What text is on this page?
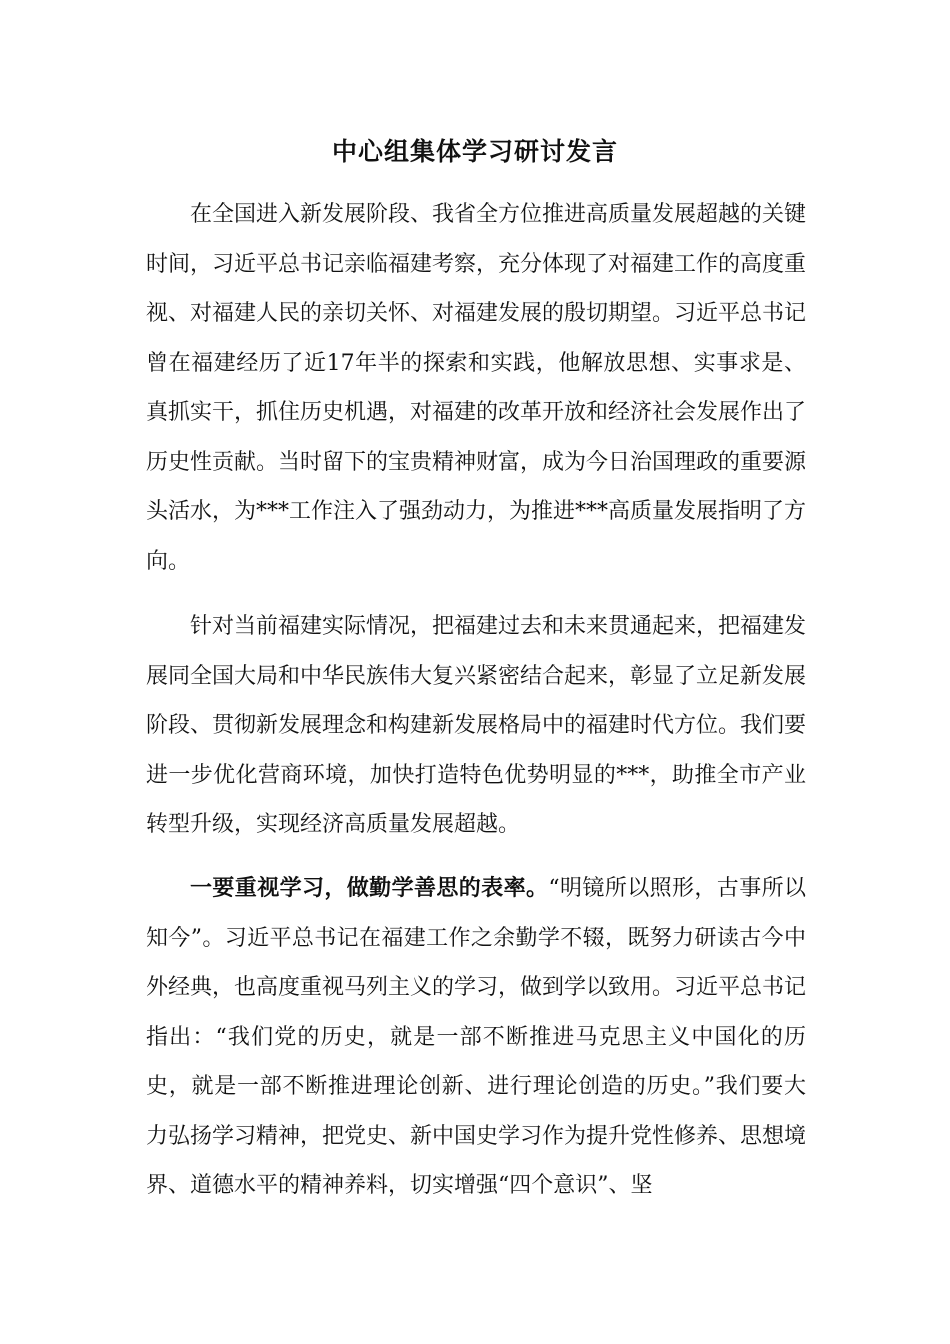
中心组集体学习研讨发言

在全国进入新发展阶段、我省全方位推进高质量发展超越的关键时间，习近平总书记亲临福建考察，充分体现了对福建工作的高度重视、对福建人民的亲切关怀、对福建发展的殷切期望。习近平总书记曾在福建经历了近17年半的探索和实践，他解放思想、实事求是、真抓实干，抓住历史机遇，对福建的改革开放和经济社会发展作出了历史性贡献。当时留下的宝贵精神财富，成为今日治国理政的重要源头活水，为***工作注入了强劲动力，为推进***高质量发展指明了方向。

针对当前福建实际情况，把福建过去和未来贯通起来，把福建发展同全国大局和中华民族伟大复兴紧密结合起来，彰显了立足新发展阶段、贯彻新发展理念和构建新发展格局中的福建时代方位。我们要进一步优化营商环境，加快打造特色优势明显的***，助推全市产业转型升级，实现经济高质量发展超越。

一要重视学习，做勤学善思的表率。“明镜所以照形，古事所以知今”。习近平总书记在福建工作之余勤学不辍，既努力研读古今中外经典，也高度重视马列主义的学习，做到学以致用。习近平总书记指出：“我们党的历史，就是一部不断推进马克思主义中国化的历史，就是一部不断推进理论创新、进行理论创造的历史。”我们要大力弘扬学习精神，把党史、新中国史学习作为提升党性修养、思想境界、道德水平的精神养料，切实增强“四个意识”、坚
